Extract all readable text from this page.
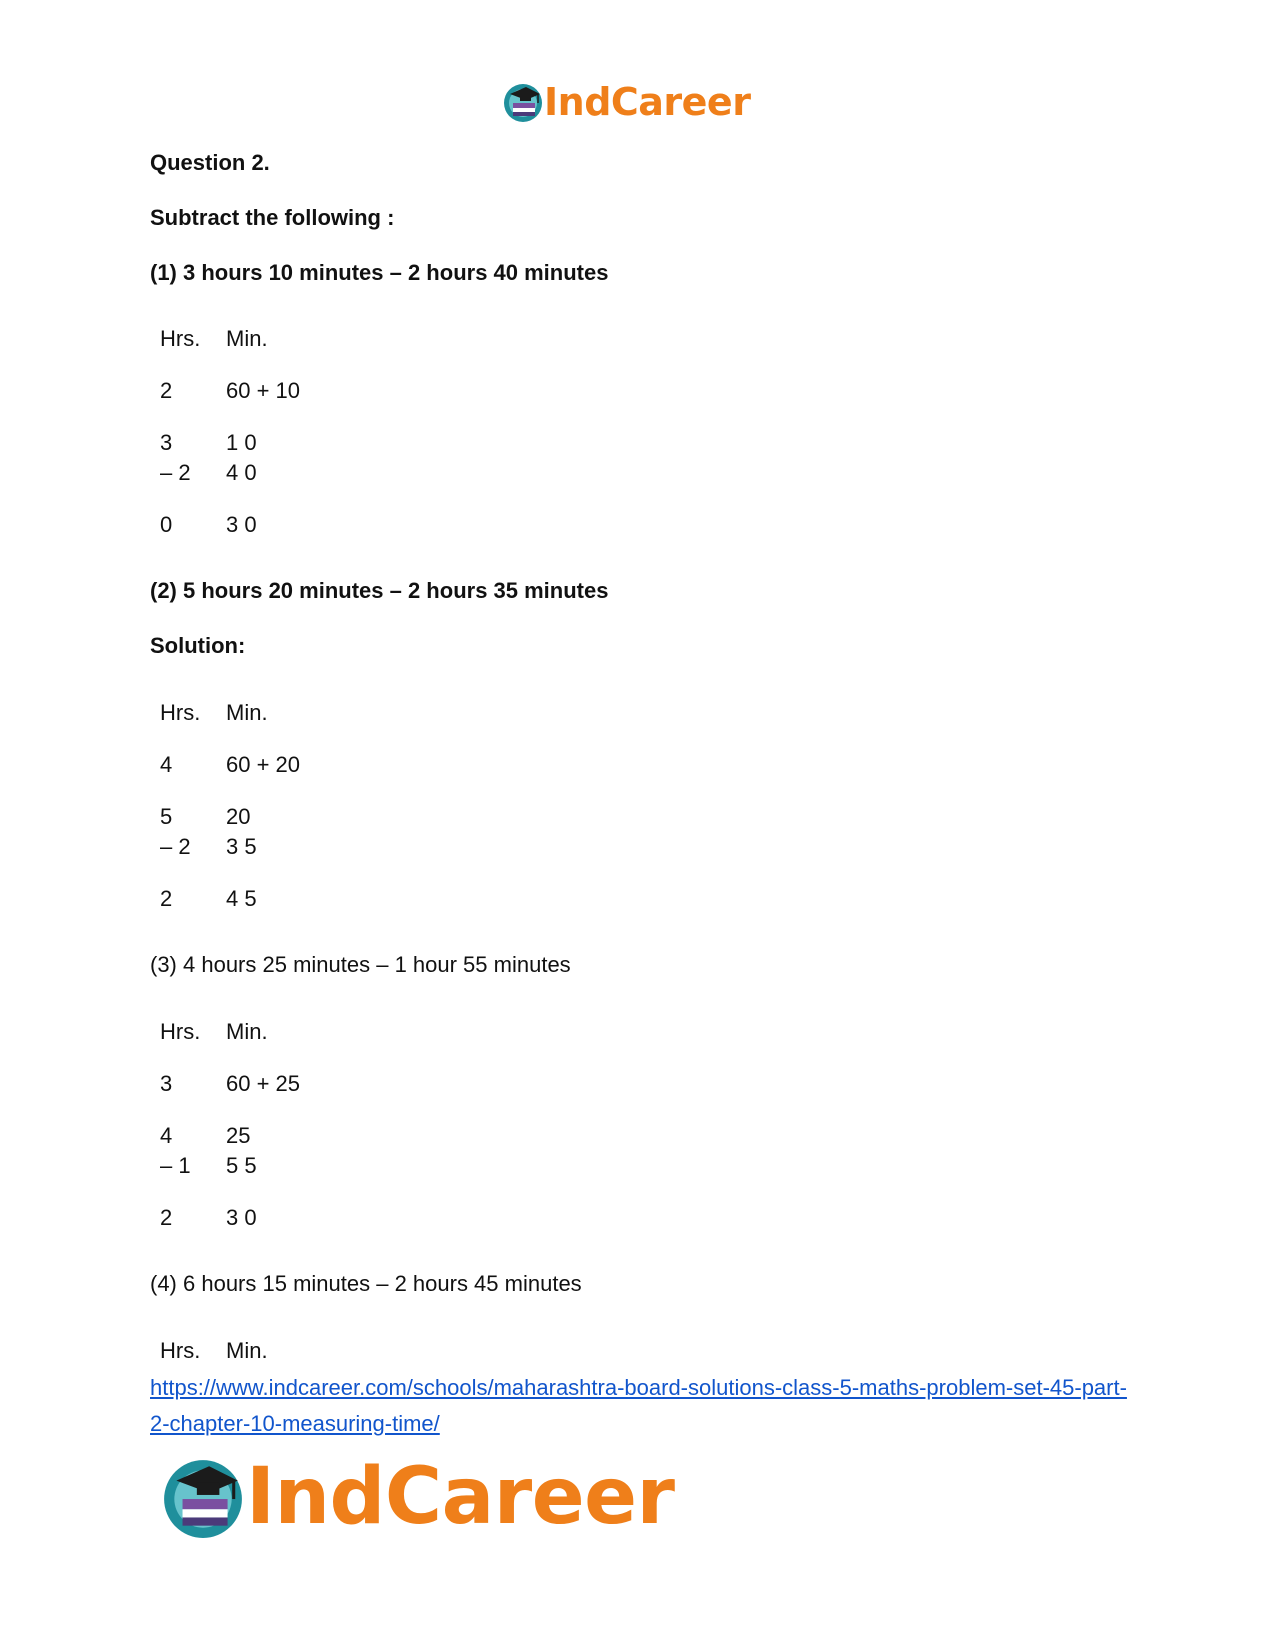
IndCareer
Question 2.
Subtract the following :
(1) 3 hours 10 minutes – 2 hours 40 minutes
Hrs. Min.
2 60 + 10
3 1 0
– 2 4 0
0 3 0
(2) 5 hours 20 minutes – 2 hours 35 minutes
Solution:
Hrs. Min.
4 60 + 20
5 20
– 2 3 5
2 4 5
(3) 4 hours 25 minutes – 1 hour 55 minutes
Hrs. Min.
3 60 + 25
4 25
– 1 5 5
2 3 0
(4) 6 hours 15 minutes – 2 hours 45 minutes
Hrs. Min.
https://www.indcareer.com/schools/maharashtra-board-solutions-class-5-maths-problem-set-45-part-2-chapter-10-measuring-time/
IndCareer
